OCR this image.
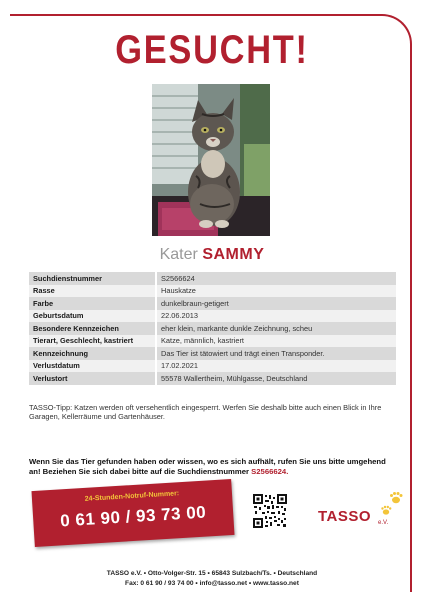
GESUCHT!
Kater SAMMY
Suchdienstnummer	S2566624
Rasse	Hauskatze
Farbe	dunkelbraun-getigert
Geburtsdatum	22.06.2013
Besondere Kennzeichen	eher klein, markante dunkle Zeichnung, scheu
Tierart, Geschlecht, kastriert	Katze, männlich, kastriert
Kennzeichnung	Das Tier ist tätowiert und trägt einen Transponder.
Verlustdatum	17.02.2021
Verlustort	55578 Wallertheim, Mühlgasse, Deutschland

TASSO-Tipp: Katzen werden oft versehentlich eingesperrt. Werfen Sie deshalb bitte auch einen Blick in Ihre Garagen, Kellerräume und Gartenhäuser.

Wenn Sie das Tier gefunden haben oder wissen, wo es sich aufhält, rufen Sie uns bitte umgehend an! Beziehen Sie sich dabei bitte auf die Suchdienstnummer S2566624.

24-Stunden-Notruf-Nummer:
0 61 90 / 93 73 00	TASSO e.V.
TASSO e.V. • Otto-Volger-Str. 15 • 65843 Sulzbach/Ts. • Deutschland
Fax: 0 61 90 / 93 74 00 • info@tasso.net • www.tasso.net
